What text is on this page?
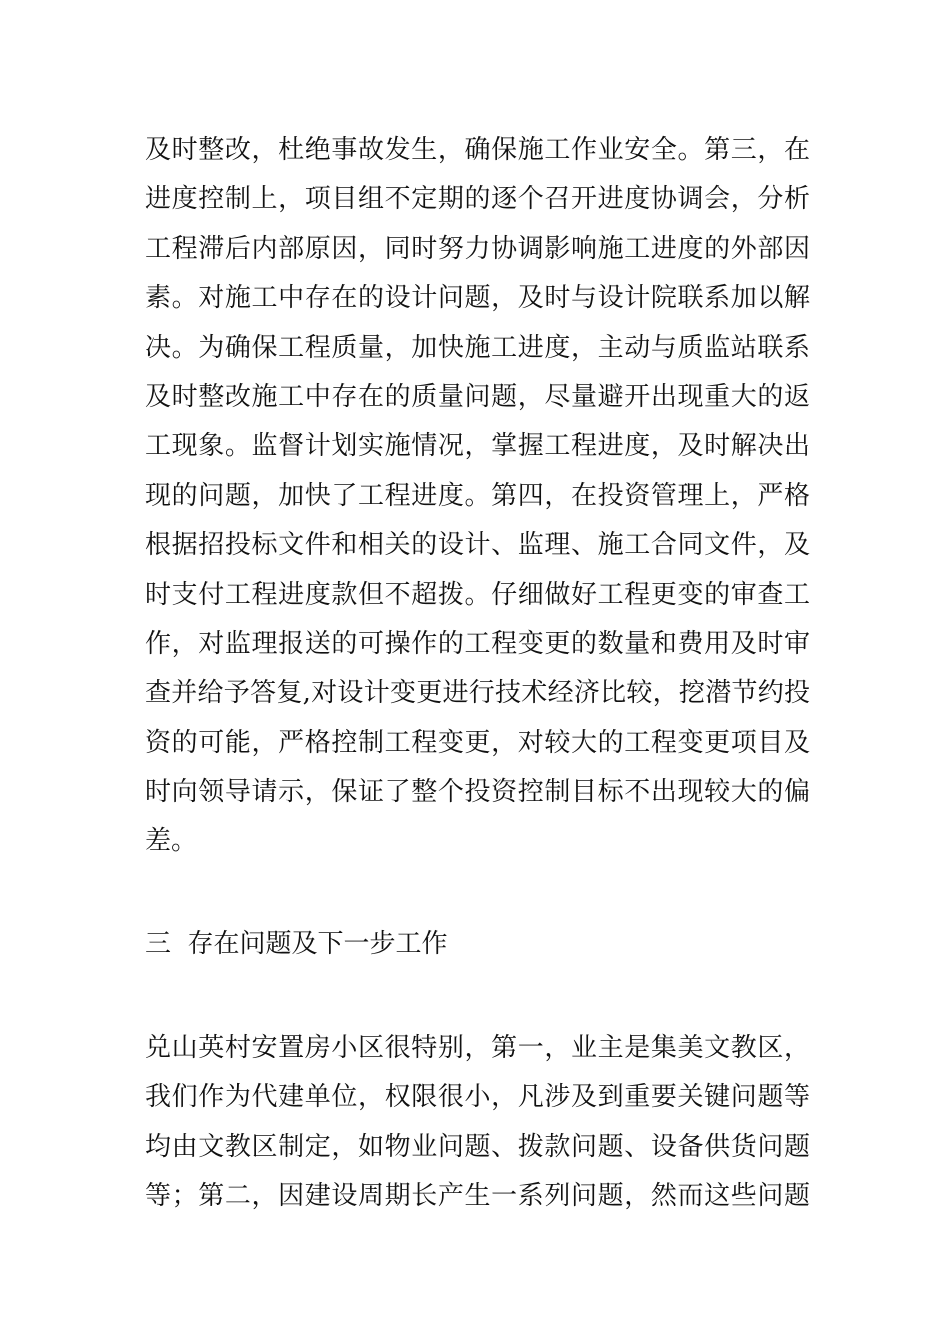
及时整改，杜绝事故发生，确保施工作业安全。第三，在
进度控制上，项目组不定期的逐个召开进度协调会，分析
工程滞后内部原因，同时努力协调影响施工进度的外部因
素。对施工中存在的设计问题，及时与设计院联系加以解
决。为确保工程质量，加快施工进度，主动与质监站联系
及时整改施工中存在的质量问题，尽量避开出现重大的返
工现象。监督计划实施情况，掌握工程进度，及时解决出
现的问题，加快了工程进度。第四，在投资管理上，严格
根据招投标文件和相关的设计、监理、施工合同文件，及
时支付工程进度款但不超拨。仔细做好工程更变的审查工
作，对监理报送的可操作的工程变更的数量和费用及时审
查并给予答复,对设计变更进行技术经济比较，挖潜节约投
资的可能，严格控制工程变更，对较大的工程变更项目及
时向领导请示，保证了整个投资控制目标不出现较大的偏
差。
三  存在问题及下一步工作
兑山英村安置房小区很特别，第一，业主是集美文教区，
我们作为代建单位，权限很小，凡涉及到重要关键问题等
均由文教区制定，如物业问题、拨款问题、设备供货问题
等；第二，因建设周期长产生一系列问题，然而这些问题
